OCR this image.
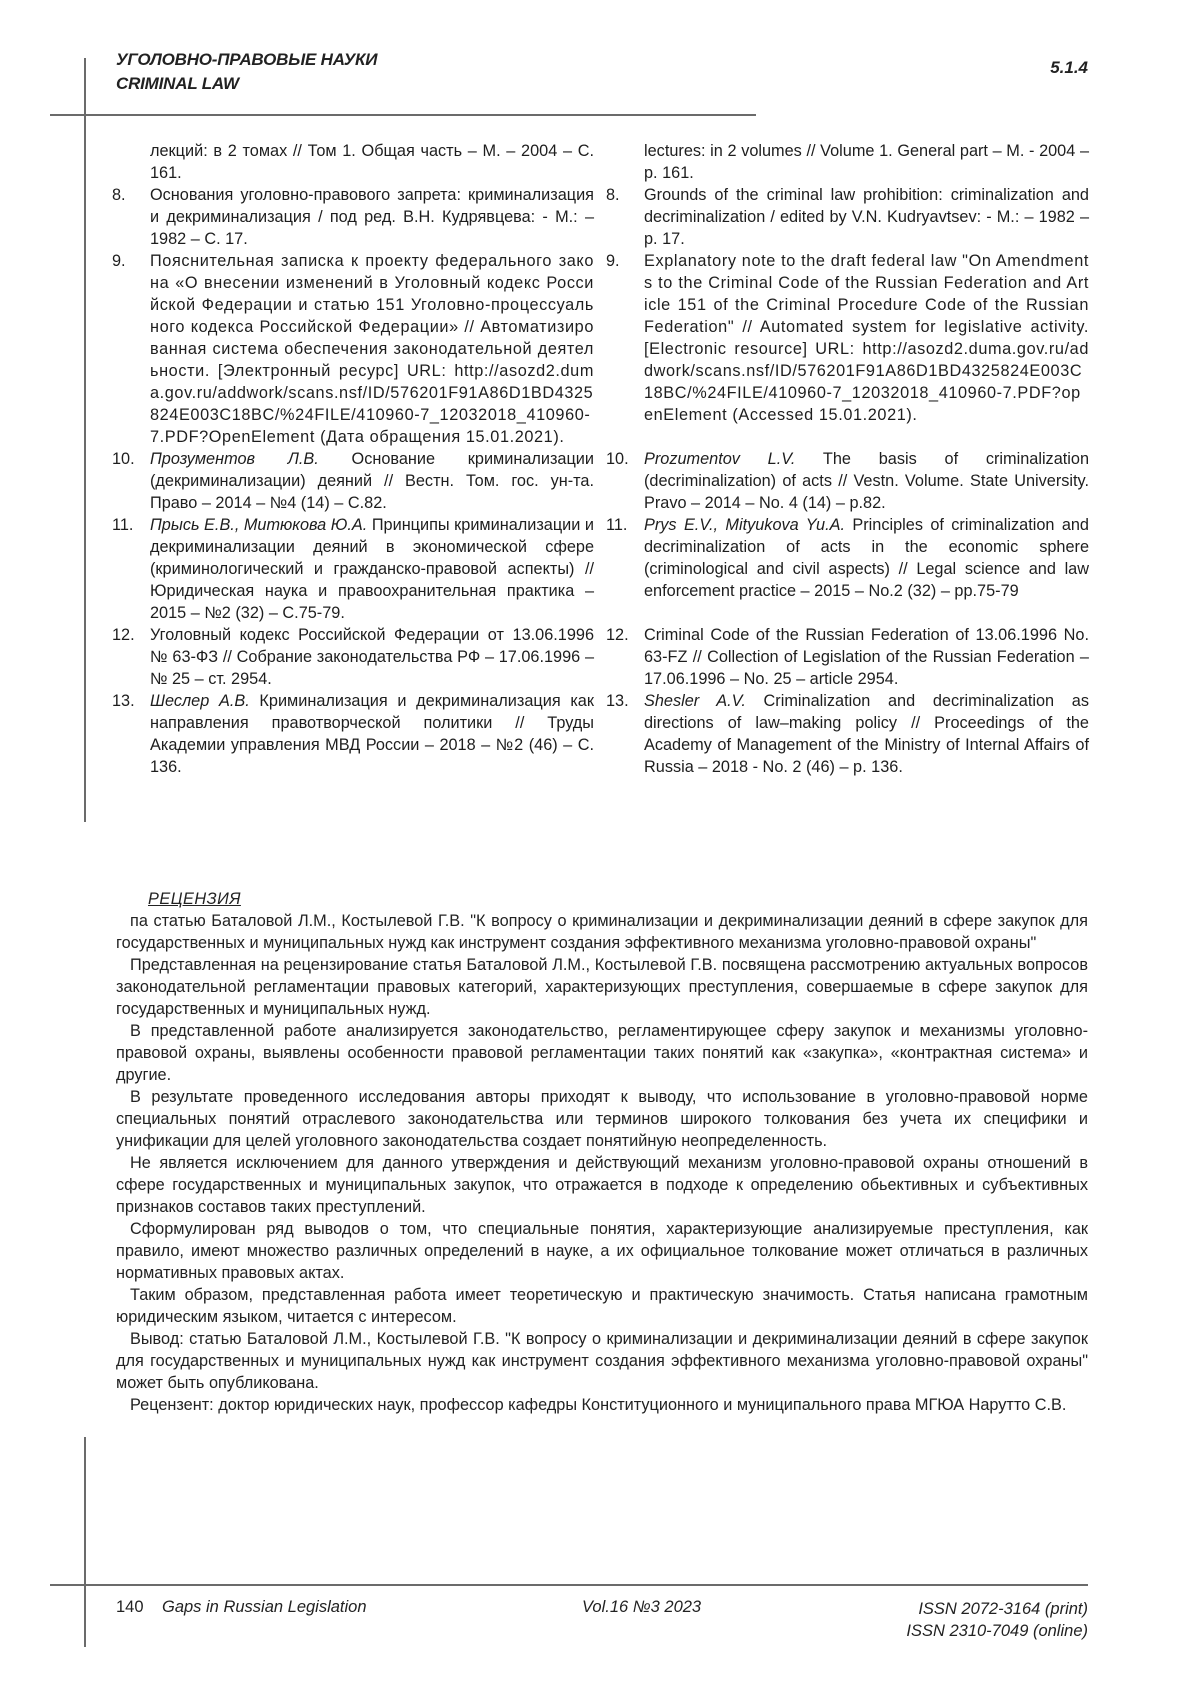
УГОЛОВНО-ПРАВОВЫЕ НАУКИ
CRIMINAL LAW
5.1.4
лекций: в 2 томах // Том 1. Общая часть – М. – 2004 – С. 161.
8.	Основания уголовно-правового запрета: криминализация и декриминализация / под ред. В.Н. Кудрявцева: - М.: – 1982 – С. 17.
9.	Пояснительная записка к проекту федерального закона «О внесении изменений в Уголовный кодекс Российской Федерации и статью 151 Уголовно-процессуального кодекса Российской Федерации» // Автоматизированная система обеспечения законодательной деятельности. [Электронный ресурс] URL: http://asozd2.duma.gov.ru/addwork/scans.nsf/ID/576201F91A86D1BD4325824E003C18BC/%24FILE/410960-7_12032018_410960-7.PDF?OpenElement (Дата обращения 15.01.2021).
10. Прозументов Л.В. Основание криминализации (декриминализации) деяний // Вестн. Том. гос. ун-та. Право – 2014 – №4 (14) – С.82.
11.	Прысь Е.В., Митюкова Ю.А. Принципы криминализации и декриминализации деяний в экономической сфере (криминологический и гражданско-правовой аспекты) // Юридическая наука и правоохранительная практика – 2015 – №2 (32) – С.75-79.
12. Уголовный кодекс Российской Федерации от 13.06.1996 № 63-ФЗ // Собрание законодательства РФ – 17.06.1996 – № 25 – ст. 2954.
13. Шеслер А.В. Криминализация и декриминализация как направления правотворческой политики // Труды Академии управления МВД России – 2018 – №2 (46) – С. 136.
lectures: in 2 volumes // Volume 1. General part – M. - 2004 – p. 161.
8.	Grounds of the criminal law prohibition: criminalization and decriminalization / edited by V.N. Kudryavtsev: - M.: – 1982 – p. 17.
9.	Explanatory note to the draft federal law "On Amendments to the Criminal Code of the Russian Federation and Article 151 of the Criminal Procedure Code of the Russian Federation" // Automated system for legislative activity. [Electronic resource] URL: http://asozd2.duma.gov.ru/addwork/scans.nsf/ID/576201F91A86D1BD4325824E003C18BC/%24FILE/410960-7_12032018_410960-7.PDF?openElement (Accessed 15.01.2021).
10. Prozumentov L.V. The basis of criminalization (decriminalization) of acts // Vestn. Volume. State University. Pravo – 2014 – No. 4 (14) – p.82.
11.	Prys E.V., Mityukova Yu.A. Principles of criminalization and decriminalization of acts in the economic sphere (criminological and civil aspects) // Legal science and law enforcement practice – 2015 – No.2 (32) – pp.75-79
12. Criminal Code of the Russian Federation of 13.06.1996 No. 63-FZ // Collection of Legislation of the Russian Federation – 17.06.1996 – No. 25 – article 2954.
13. Shesler A.V. Criminalization and decriminalization as directions of law–making policy // Proceedings of the Academy of Management of the Ministry of Internal Affairs of Russia – 2018 - No. 2 (46) – p. 136.
РЕЦЕНЗИЯ

па статью Баталовой Л.М., Костылевой Г.В. "К вопросу о криминализации и декриминализации деяний в сфере закупок для государственных и муниципальных нужд как инструмент создания эффективного механизма уголовно-правовой охраны"

Представленная на рецензирование статья Баталовой Л.М., Костылевой Г.В. посвящена рассмотрению актуальных вопросов законодательной регламентации правовых категорий, характеризующих преступления, совершаемые в сфере закупок для государственных и муниципальных нужд.

В представленной работе анализируется законодательство, регламентирующее сферу закупок и механизмы уголовно-правовой охраны, выявлены особенности правовой регламентации таких понятий как «закупка», «контрактная система» и другие.

В результате проведенного исследования авторы приходят к выводу, что использование в уголовно-правовой норме специальных понятий отраслевого законодательства или терминов широкого толкования без учета их специфики и унификации для целей уголовного законодательства создает понятийную неопределенность.

Не является исключением для данного утверждения и действующий механизм уголовно-правовой охраны отношений в сфере государственных и муниципальных закупок, что отражается в подходе к определению обьективных и субъективных признаков составов таких преступлений.

Сформулирован ряд выводов о том, что специальные понятия, характеризующие анализируемые преступления, как правило, имеют множество различных определений в науке, а их официальное толкование может отличаться в различных нормативных правовых актах.

Таким образом, представленная работа имеет теоретическую и практическую значимость. Статья написана грамотным юридическим языком, читается с интересом.

Вывод: статью Баталовой Л.М., Костылевой Г.В. "К вопросу о криминализации и декриминализации деяний в сфере закупок для государственных и муниципальных нужд как инструмент создания эффективного механизма уголовно-правовой охраны" может быть опубликована.

Рецензент: доктор юридических наук, профессор кафедры Конституционного и муниципального права МГЮА Нарутто С.В.

140 Gaps in Russian Legislation	Vol.16 №3 2023	ISSN 2072-3164 (print)
ISSN 2310-7049 (online)
